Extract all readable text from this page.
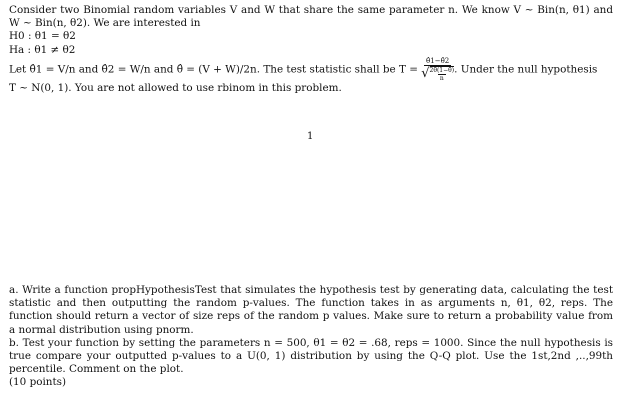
Consider two Binomial random variables V and W that share the same parameter n. We know V ~ Bin(n, θ1) and

W ~ Bin(n, θ2). We are interested in

H0 : θ1 = θ2

Ha : θ1 ≠ θ2

Let θ̂1 = V/n and θ̂2 = W/n and θ̂ = (V + W)/2n. The test statistic shall be T = θ̂1−θ̂2
√ 2θ̂(1−θ̂)
n . Under the null hypothesis

T ~ N(0, 1). You are not allowed to use rbinom in this problem.

1

a. Write a function propHypothesisTest that simulates the hypothesis test by generating data, calculating the test statistic and then outputting the random p-values. The function takes in as arguments n, θ1, θ2, reps. The function should return a vector of size reps of the random p values. Make sure to return a probability value from a normal distribution using pnorm.

b. Test your function by setting the parameters n = 500, θ1 = θ2 = .68, reps = 1000. Since the null hypothesis is true compare your outputted p-values to a U(0, 1) distribution by using the Q-Q plot. Use the 1st,2nd ,..,99th percentile. Comment on the plot.

(10 points)
